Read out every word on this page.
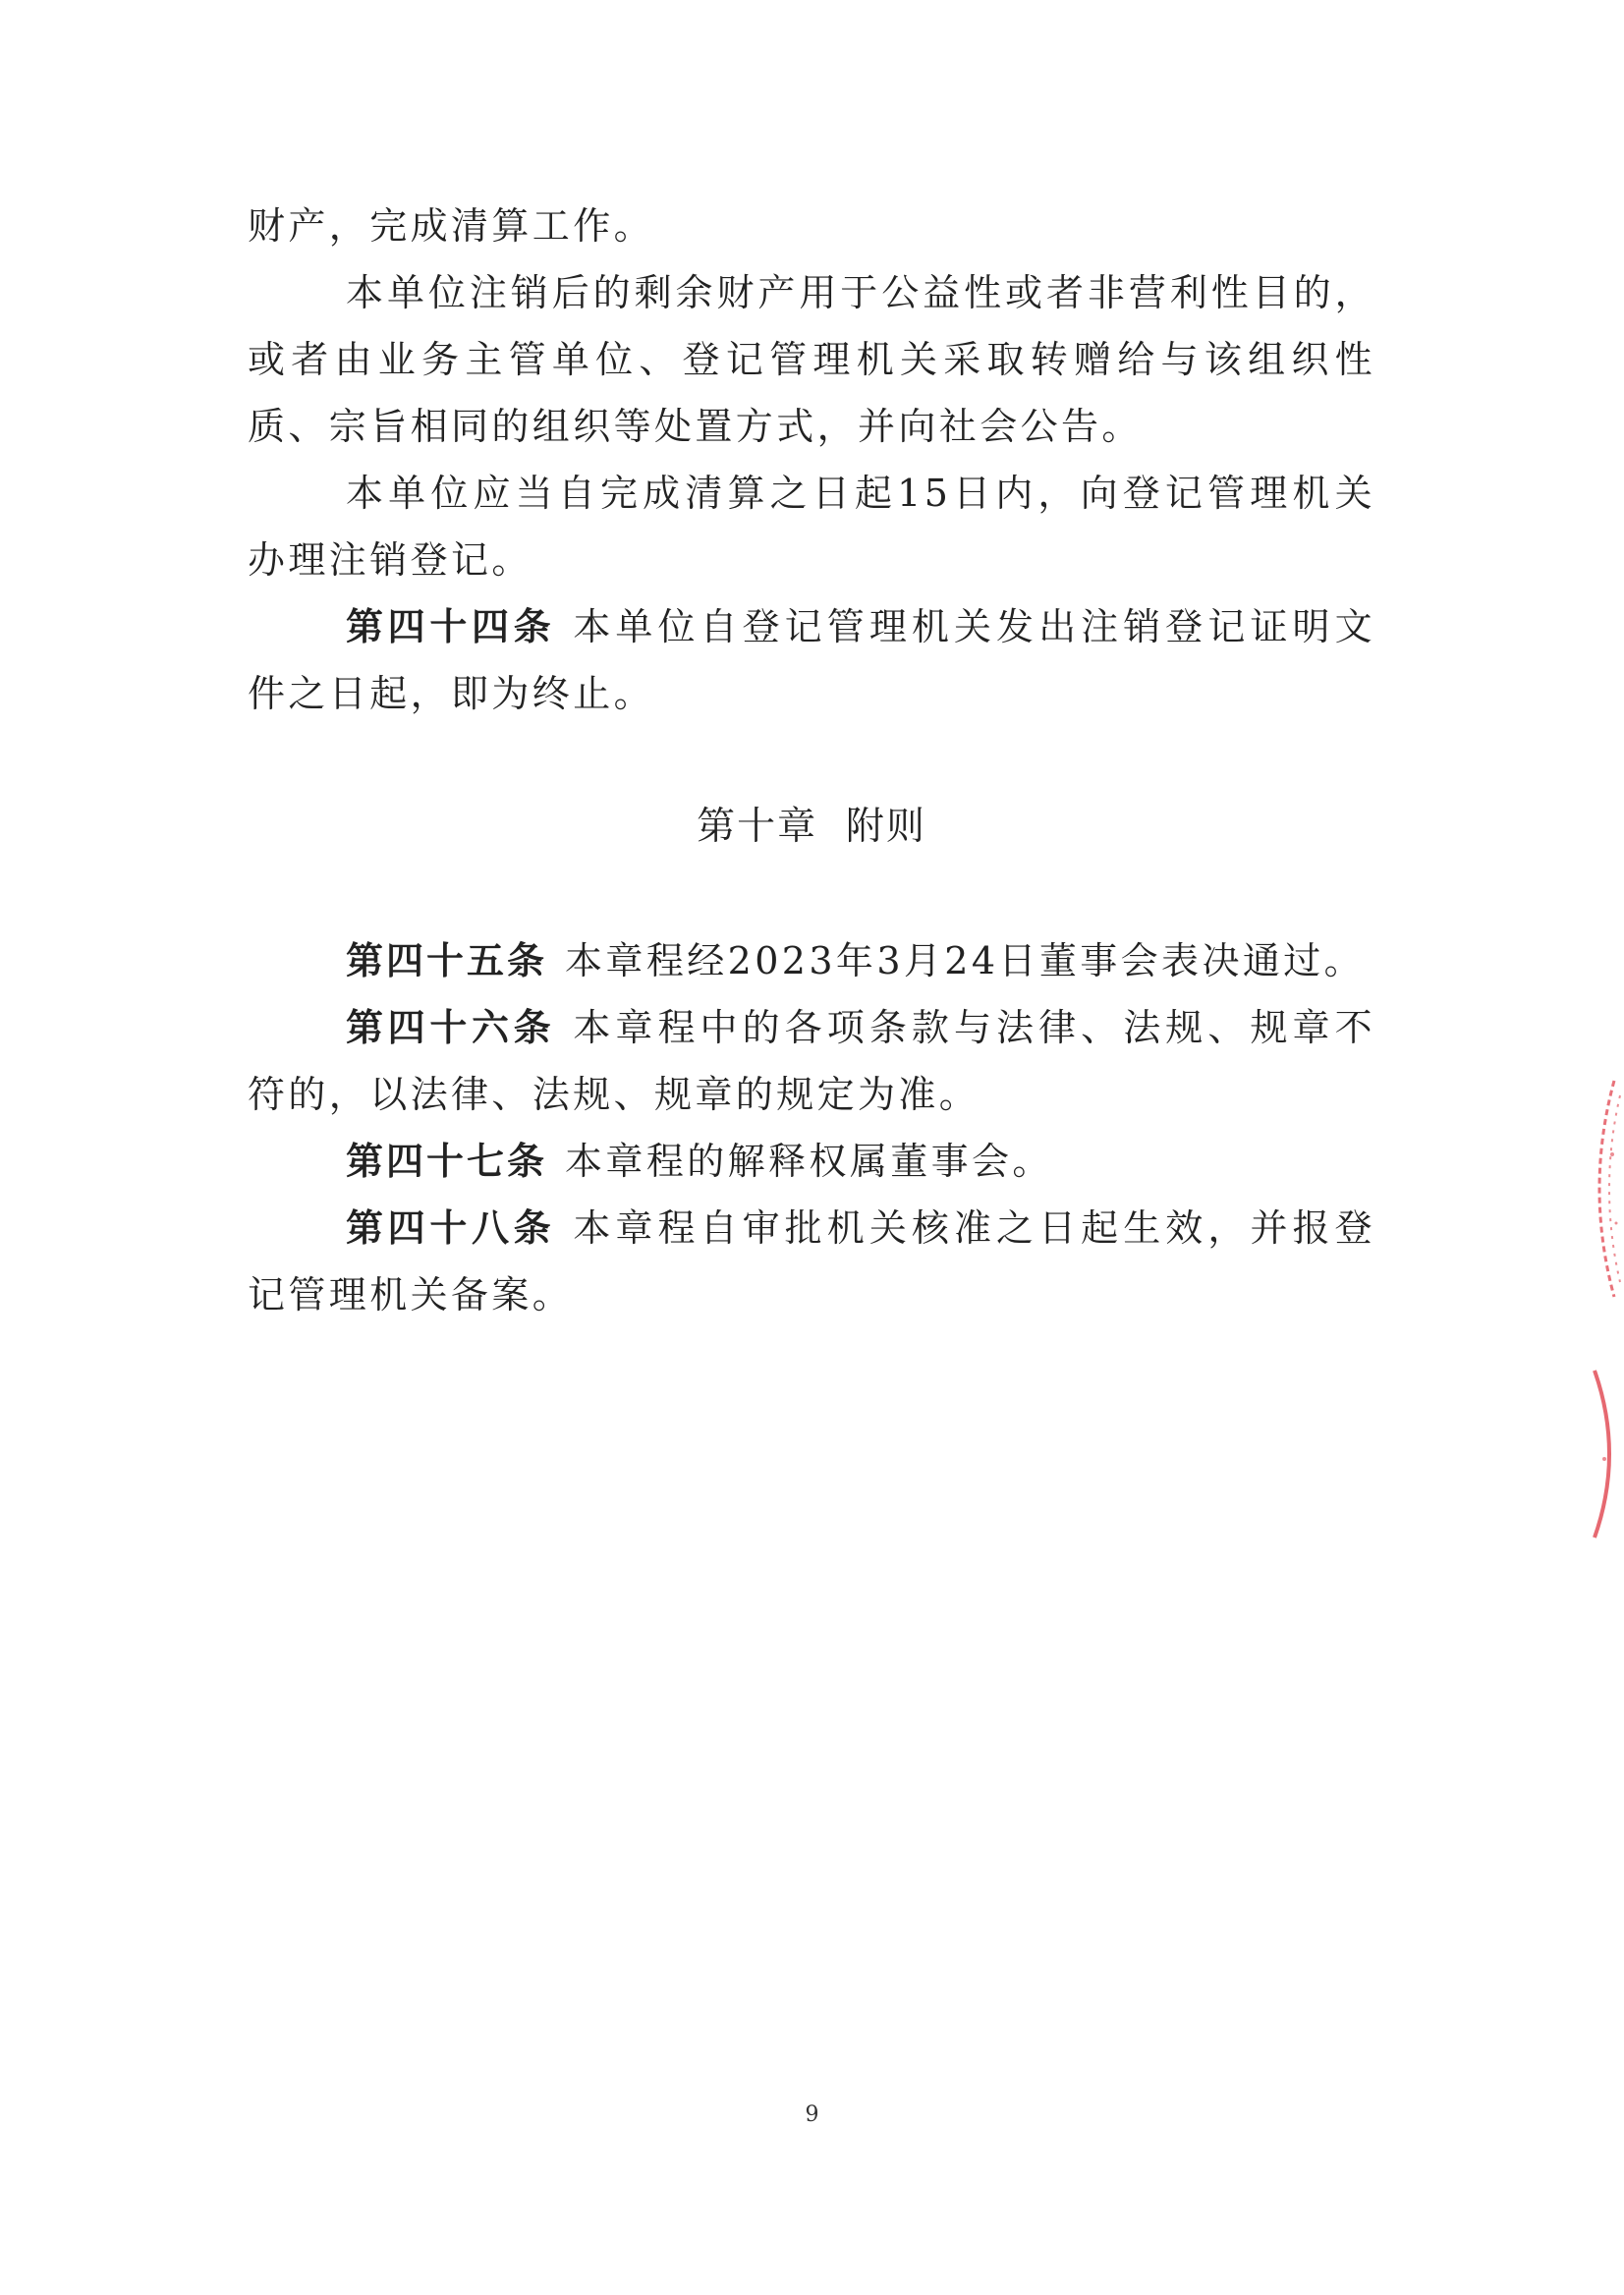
财产，完成清算工作。

本单位注销后的剩余财产用于公益性或者非营利性目的，或者由业务主管单位、登记管理机关采取转赠给与该组织性质、宗旨相同的组织等处置方式，并向社会公告。

本单位应当自完成清算之日起15日内，向登记管理机关办理注销登记。

第四十四条 本单位自登记管理机关发出注销登记证明文件之日起，即为终止。

第十章  附则

第四十五条 本章程经2023年3月24日董事会表决通过。

第四十六条 本章程中的各项条款与法律、法规、规章不符的，以法律、法规、规章的规定为准。

第四十七条 本章程的解释权属董事会。

第四十八条 本章程自审批机关核准之日起生效，并报登记管理机关备案。

9
